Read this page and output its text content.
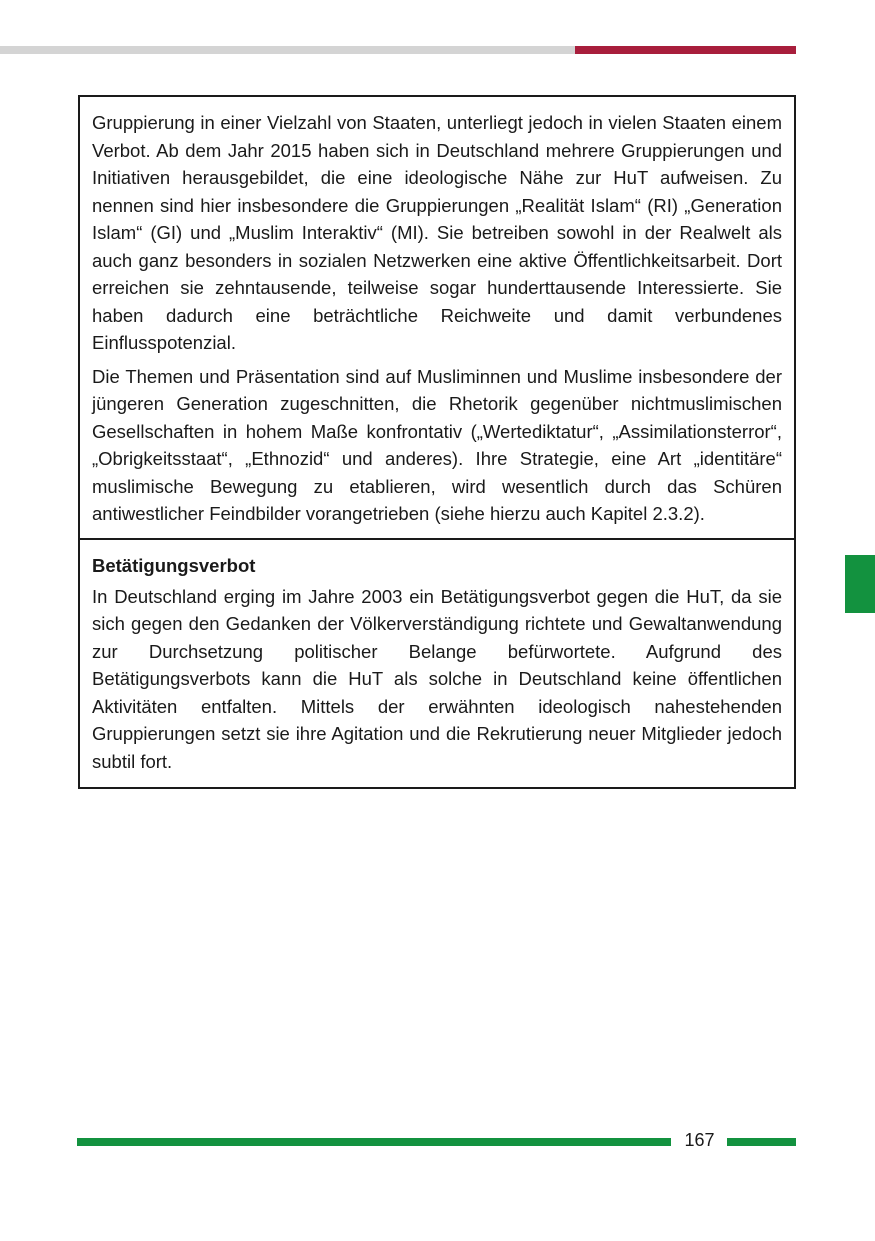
Gruppierung in einer Vielzahl von Staaten, unterliegt jedoch in vielen Staaten einem Verbot. Ab dem Jahr 2015 haben sich in Deutschland mehrere Gruppierungen und Initiativen herausgebildet, die eine ideologische Nähe zur HuT aufweisen. Zu nennen sind hier insbesondere die Gruppierungen „Realität Islam“ (RI) „Generation Islam“ (GI) und „Muslim Interaktiv“ (MI). Sie betreiben sowohl in der Realwelt als auch ganz besonders in sozialen Netzwerken eine aktive Öffentlichkeitsarbeit. Dort erreichen sie zehntausende, teilweise sogar hunderttausende Interessierte. Sie haben dadurch eine beträchtliche Reichweite und damit verbundenes Einflusspotenzial.

Die Themen und Präsentation sind auf Musliminnen und Muslime insbesondere der jüngeren Generation zugeschnitten, die Rhetorik gegenüber nichtmuslimischen Gesellschaften in hohem Maße konfrontativ („Wertediktatur“, „Assimilationsterror“, „Obrigkeitsstaat“, „Ethnozid“ und anderes). Ihre Strategie, eine Art „identitäre“ muslimische Bewegung zu etablieren, wird wesentlich durch das Schüren antiwestlicher Feindbilder vorangetrieben (siehe hierzu auch Kapitel 2.3.2).

Betätigungsverbot

In Deutschland erging im Jahre 2003 ein Betätigungsverbot gegen die HuT, da sie sich gegen den Gedanken der Völkerverständigung richtete und Gewaltanwendung zur Durchsetzung politischer Belange befürwortete. Aufgrund des Betätigungsverbots kann die HuT als solche in Deutschland keine öffentlichen Aktivitäten entfalten. Mittels der erwähnten ideologisch nahestehenden Gruppierungen setzt sie ihre Agitation und die Rekrutierung neuer Mitglieder jedoch subtil fort.

167
